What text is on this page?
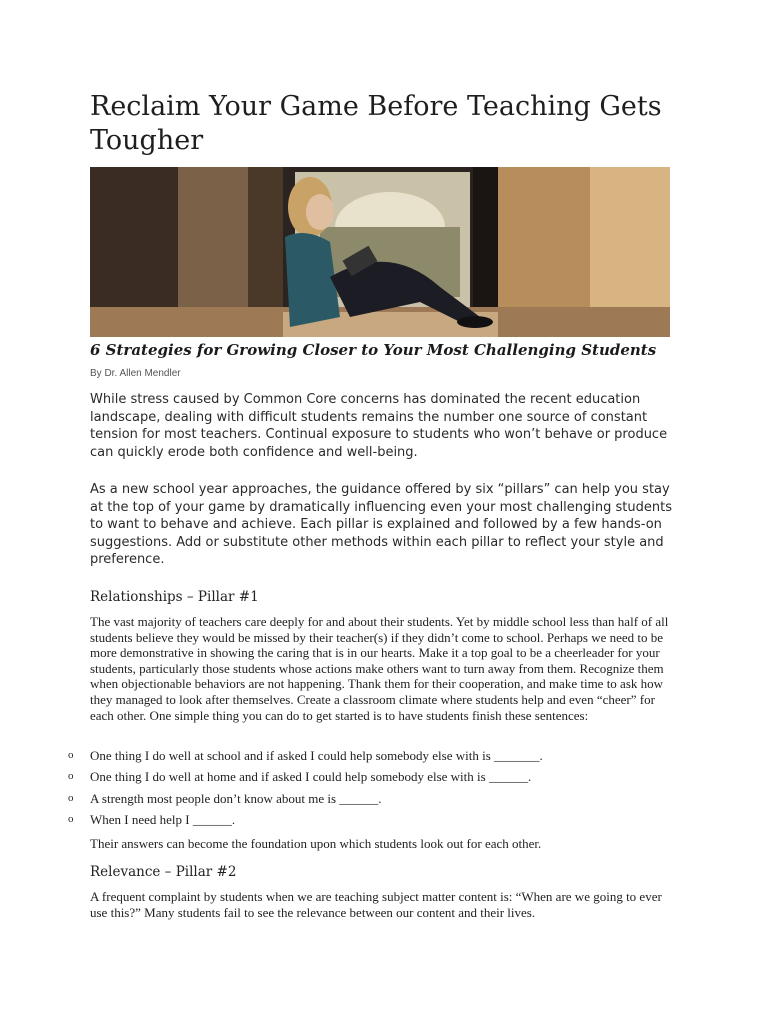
Reclaim Your Game Before Teaching Gets Tougher
6 Strategies for Growing Closer to Your Most Challenging Students
By Dr. Allen Mendler

While stress caused by Common Core concerns has dominated the recent education landscape, dealing with difficult students remains the number one source of constant tension for most teachers. Continual exposure to students who won’t behave or produce can quickly erode both confidence and well-being.

As a new school year approaches, the guidance offered by six “pillars” can help you stay at the top of your game by dramatically influencing even your most challenging students to want to behave and achieve. Each pillar is explained and followed by a few hands-on suggestions. Add or substitute other methods within each pillar to reflect your style and preference.

Relationships – Pillar #1

The vast majority of teachers care deeply for and about their students. Yet by middle school less than half of all students believe they would be missed by their teacher(s) if they didn’t come to school. Perhaps we need to be more demonstrative in showing the caring that is in our hearts. Make it a top goal to be a cheerleader for your students, particularly those students whose actions make others want to turn away from them. Recognize them when objectionable behaviors are not happening. Thank them for their cooperation, and make time to ask how they managed to look after themselves. Create a classroom climate where students help and even “cheer” for each other. One simple thing you can do to get started is to have students finish these sentences:

o	One thing I do well at school and if asked I could help somebody else with is _______.
o	One thing I do well at home and if asked I could help somebody else with is ______.
o	A strength most people don’t know about me is ______.
o	When I need help I ______.

Their answers can become the foundation upon which students look out for each other.

Relevance – Pillar #2

A frequent complaint by students when we are teaching subject matter content is: “When are we going to ever use this?” Many students fail to see the relevance between our content and their lives.
